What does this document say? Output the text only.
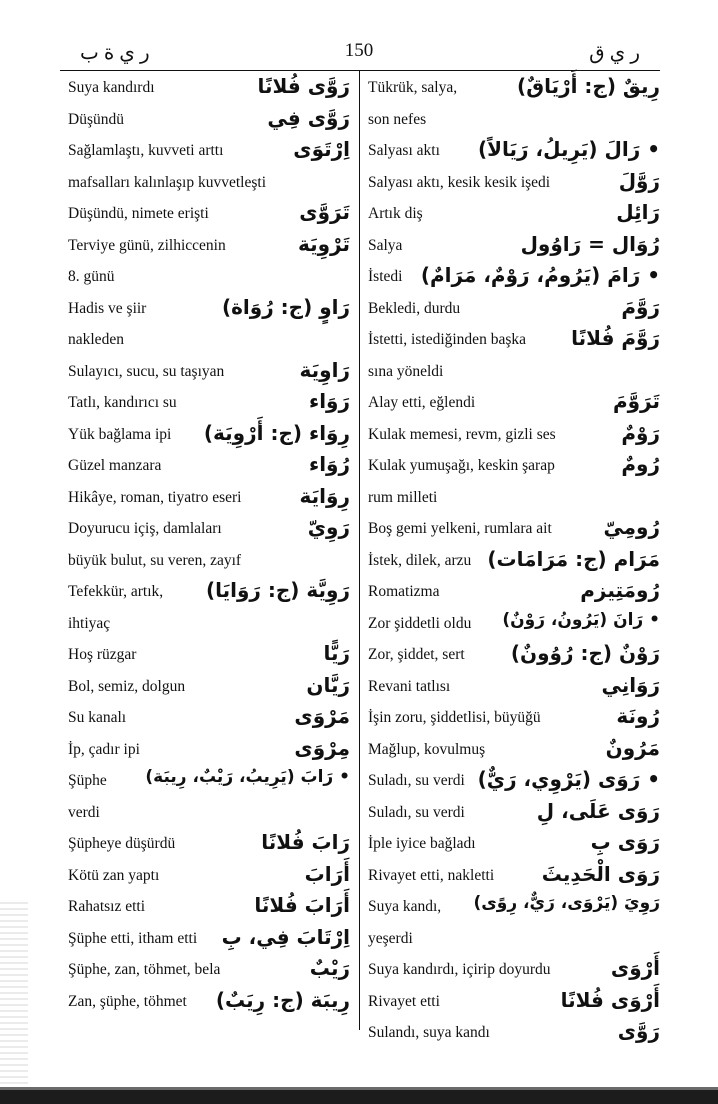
ر ي ة ب	150	ر ي ق
Suya kandırdı	رَوَّى فُلانًا
Düşündü	رَوَّى فِي
Sağlamlaştı, kuvveti arttı	اِرْتَوَى
mafsalları kalınlaşıp kuvvetleşti
Düşündü, nimete erişti	تَرَوَّى
Terviye günü, zilhiccenin	تَرْوِيَة
8. günü
Hadis ve şiir	رَاوٍ (ج: رُوَاة)
nakleden
Sulayıcı, sucu, su taşıyan	رَاوِيَة
Tatlı, kandırıcı su	رَوَاء
Yük bağlama ipi رِوَاء (ج: أَرْوِيَة)
Güzel manzara	رُوَاء
Hikâye, roman, tiyatro eseri	رِوَايَة
Doyurucu içiş, damlaları	رَوِيّ
büyük bulut, su veren, zayıf
Tefekkür, artık, رَوِيَّة (ج: رَوَايَا)
ihtiyaç
Hoş rüzgar	رَيًّا
Bol, semiz, dolgun	رَيَّان
Su kanalı	مَرْوَى
İp, çadır ipi	مِرْوَى
Şüphe • رَابَ (يَرِيبُ، رَيْبٌ، رِيبَة)
verdi
Şüpheye düşürdü	رَابَ فُلانًا
Kötü zan yaptı	أَرَابَ
Rahatsız etti	أَرَابَ فُلانًا
Şüphe etti, itham etti اِرْتَابَ فِي، بِ
Şüphe, zan, töhmet, bela	رَيْبٌ
Zan, şüphe, töhmet رِيبَة (ج: رِيَبٌ)
Tükrük, salya,	رِيقٌ (ج: أَرْيَاقٌ)
son nefes
Salyası aktı • رَالَ (يَرِيلُ، رَيَالاً)
Salyası aktı, kesik kesik işedi	رَوَّلَ
Artık diş	رَائِل
Salya	رُوَال = رَاوُول
İstedi • رَامَ (يَرُومُ، رَوْمٌ، مَرَامٌ)
Bekledi, durdu	رَوَّمَ
İstetti, istediğinden başka رَوَّمَ فُلانًا
sına yöneldi
Alay etti, eğlendi	تَرَوَّمَ
Kulak memesi, revm, gizli ses	رَوْمٌ
Kulak yumuşağı, keskin şarap	رُومٌ
rum milleti
Boş gemi yelkeni, rumlara ait	رُومِيّ
İstek, dilek, arzu مَرَام (ج: مَرَامَات)
Romatizma	رُومَتِيزم
Zor şiddetli oldu • رَانَ (يَرُونُ، رَوْنٌ)
Zor, şiddet, sert رَوْنٌ (ج: رُوُونٌ)
Revani tatlısı	رَوَانِي
İşin zoru, şiddetlisi, büyüğü	رُونَة
Mağlup, kovulmuş	مَرُونٌ
Suladı, su verdi • رَوَى (يَرْوِي، رَيٌّ)
Suladı, su verdi	رَوَى عَلَى، لِ
İple iyice bağladı	رَوَى بِ
Rivayet etti, nakletti رَوَى الْحَدِيثَ
Suya kandı, رَوِيَ (يَرْوَى، رَيٌّ، رِوًى)
yeşerdi
Suya kandırdı, içirip doyurdu	أَرْوَى
Rivayet etti	أَرْوَى فُلانًا
Sulandı, suya kandı	رَوَّى
